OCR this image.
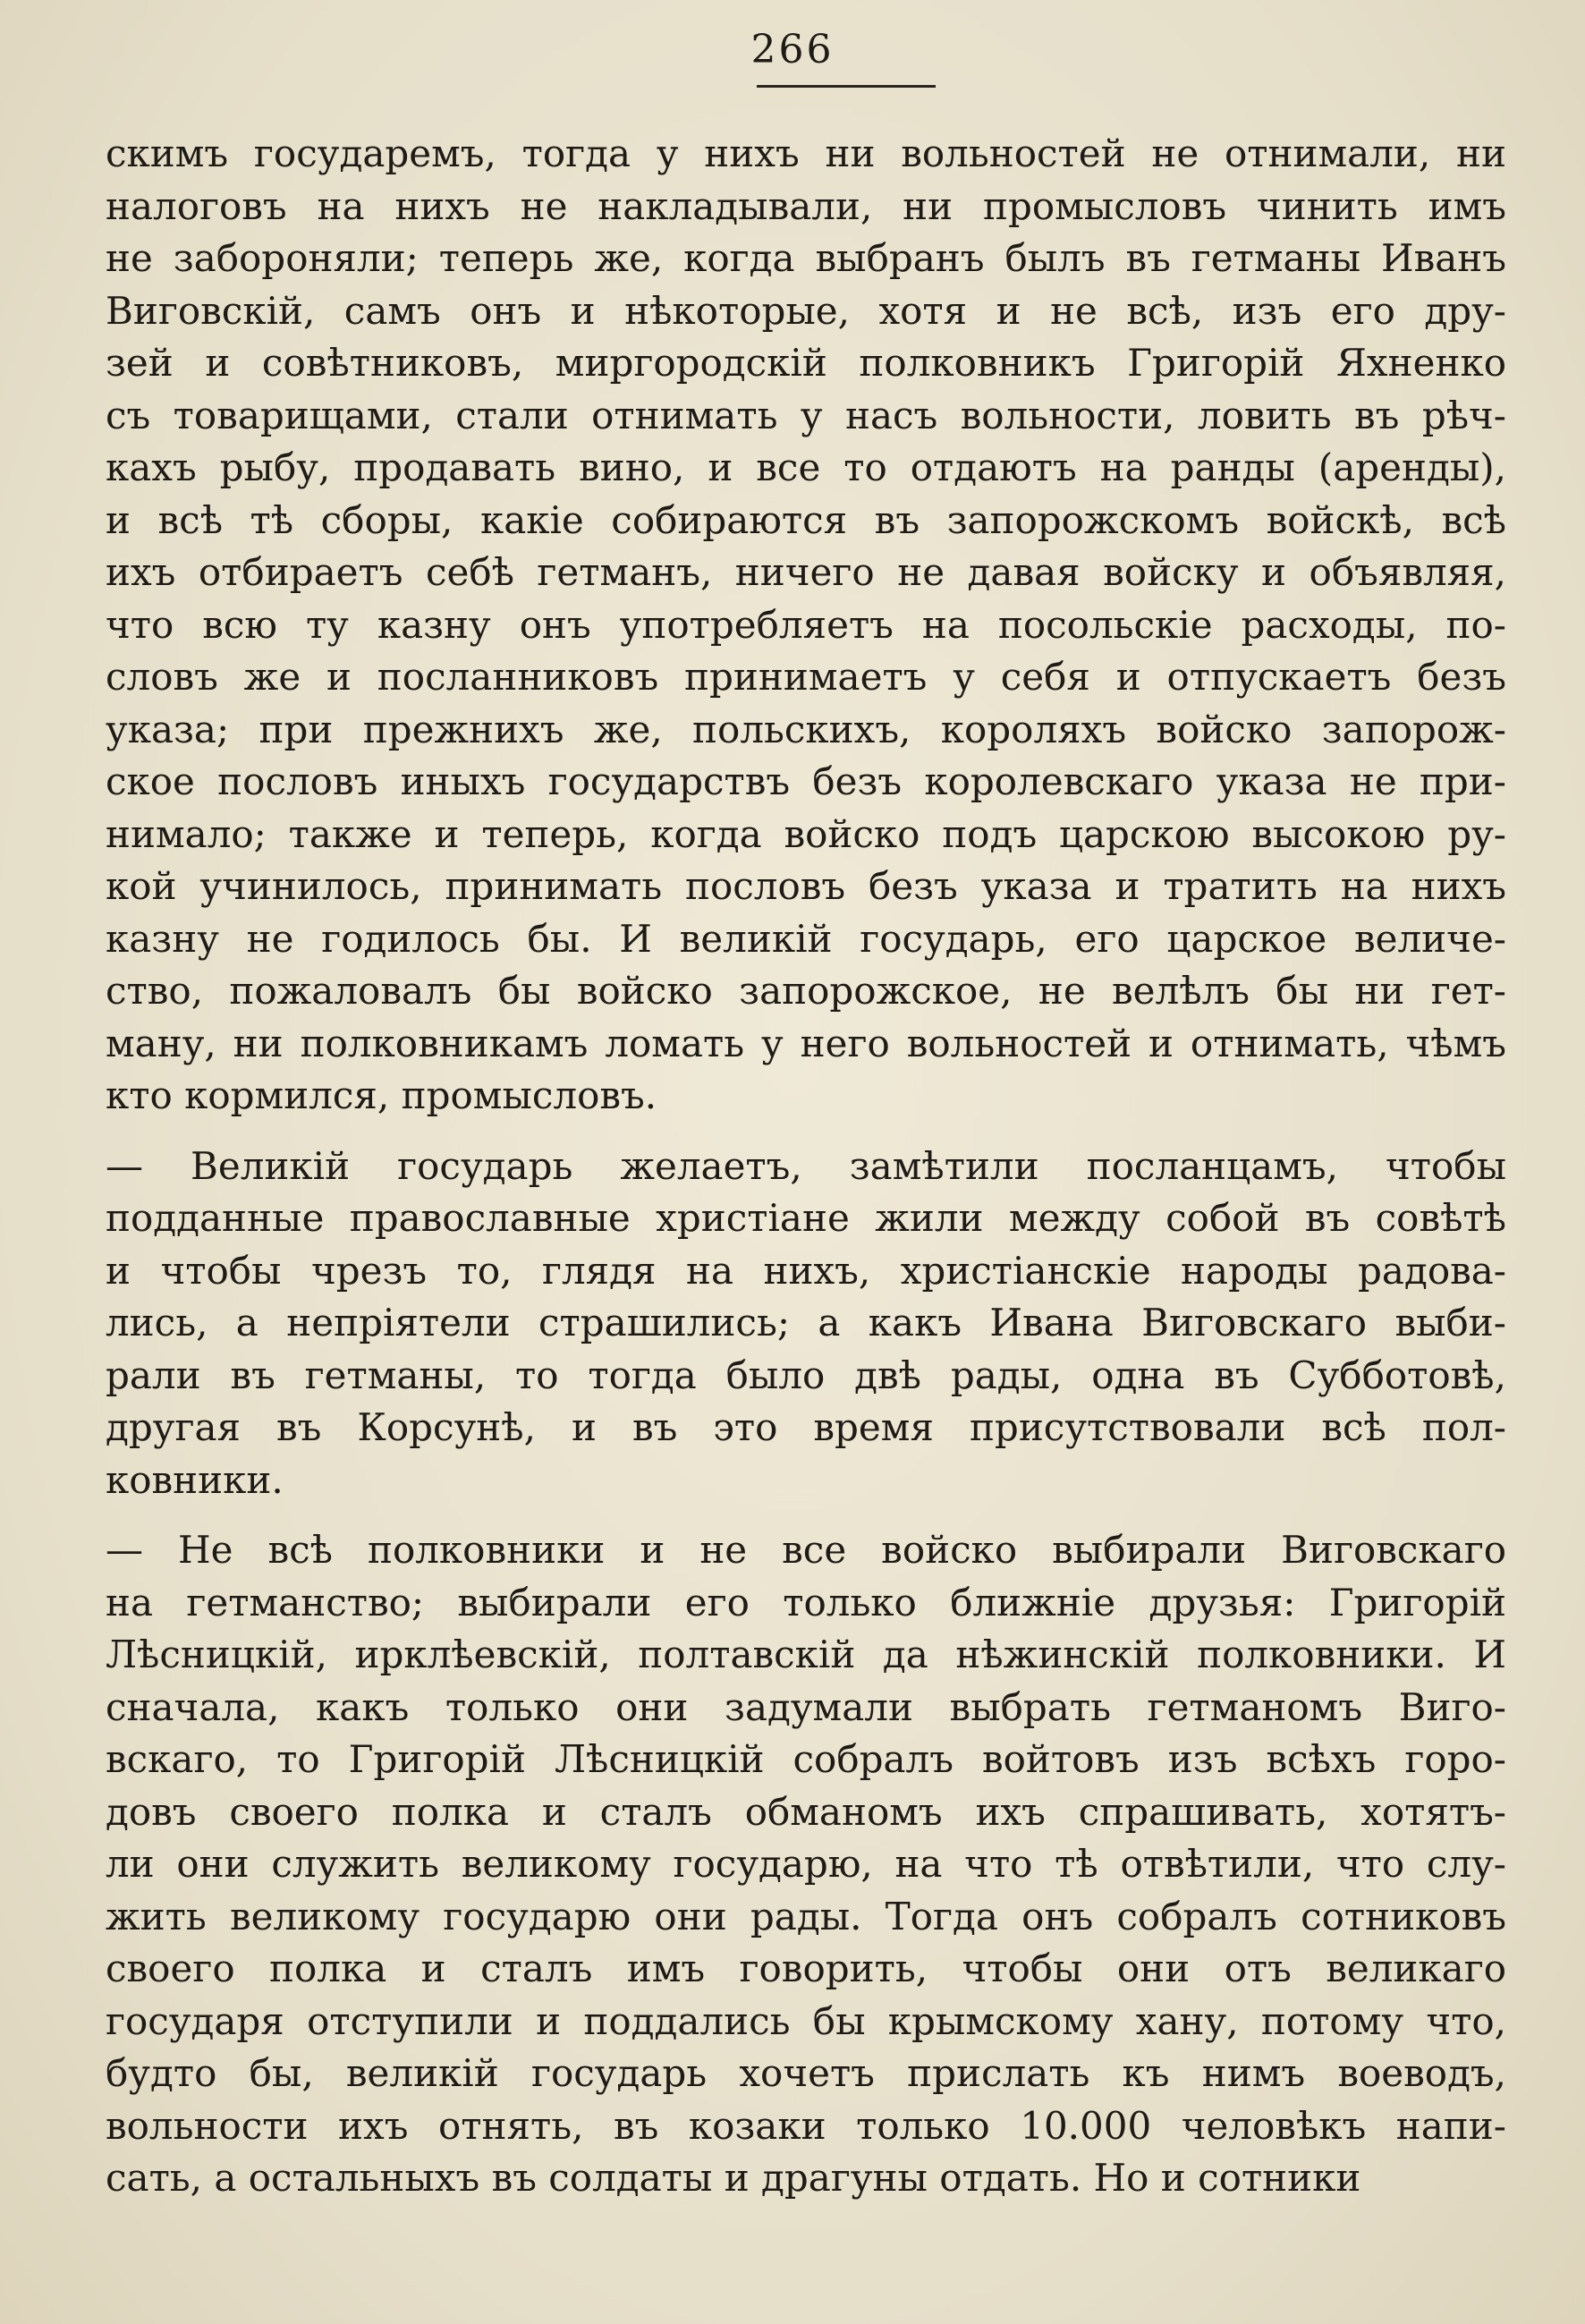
266
скимъ государемъ, тогда у нихъ ни вольностей не отнимали, ни
налоговъ на нихъ не накладывали, ни промысловъ чинить имъ
не забороняли; теперь же, когда выбранъ былъ въ гетманы Иванъ
Виговскій, самъ онъ и нѣкоторые, хотя и не всѣ, изъ его дру-
зей и совѣтниковъ, миргородскій полковникъ Григорій Яхненко
съ товарищами, стали отнимать у насъ вольности, ловить въ рѣч-
кахъ рыбу, продавать вино, и все то отдаютъ на ранды (аренды),
и всѣ тѣ сборы, какіе собираются въ запорожскомъ войскѣ, всѣ
ихъ отбираетъ себѣ гетманъ, ничего не давая войску и объявляя,
что всю ту казну онъ употребляетъ на посольскіе расходы, по-
словъ же и посланниковъ принимаетъ у себя и отпускаетъ безъ
указа; при прежнихъ же, польскихъ, короляхъ войско запорож-
ское пословъ иныхъ государствъ безъ королевскаго указа не при-
нимало; также и теперь, когда войско подъ царскою высокою ру-
кой учинилось, принимать пословъ безъ указа и тратить на нихъ
казну не годилось бы. И великій государь, его царское величе-
ство, пожаловалъ бы войско запорожское, не велѣлъ бы ни гет-
ману, ни полковникамъ ломать у него вольностей и отнимать, чѣмъ
кто кормился, промысловъ.
— Великій государь желаетъ, замѣтили посланцамъ, чтобы
подданные православные христіане жили между собой въ совѣтѣ
и чтобы чрезъ то, глядя на нихъ, христіанскіе народы радова-
лись, а непріятели страшились; а какъ Ивана Виговскаго выби-
рали въ гетманы, то тогда было двѣ рады, одна въ Субботовѣ,
другая въ Корсунѣ, и въ это время присутствовали всѣ пол-
ковники.
— Не всѣ полковники и не все войско выбирали Виговскаго
на гетманство; выбирали его только ближніе друзья: Григорій
Лѣсницкій, ирклѣевскій, полтавскій да нѣжинскій полковники. И
сначала, какъ только они задумали выбрать гетманомъ Виго-
вскаго, то Григорій Лѣсницкій собралъ войтовъ изъ всѣхъ горо-
довъ своего полка и сталъ обманомъ ихъ спрашивать, хотятъ-
ли они служить великому государю, на что тѣ отвѣтили, что слу-
жить великому государю они рады. Тогда онъ собралъ сотниковъ
своего полка и сталъ имъ говорить, чтобы они отъ великаго
государя отступили и поддались бы крымскому хану, потому что,
будто бы, великій государь хочетъ прислать къ нимъ воеводъ,
вольности ихъ отнять, въ козаки только 10.000 человѣкъ напи-
сать, а остальныхъ въ солдаты и драгуны отдать. Но и сотники
